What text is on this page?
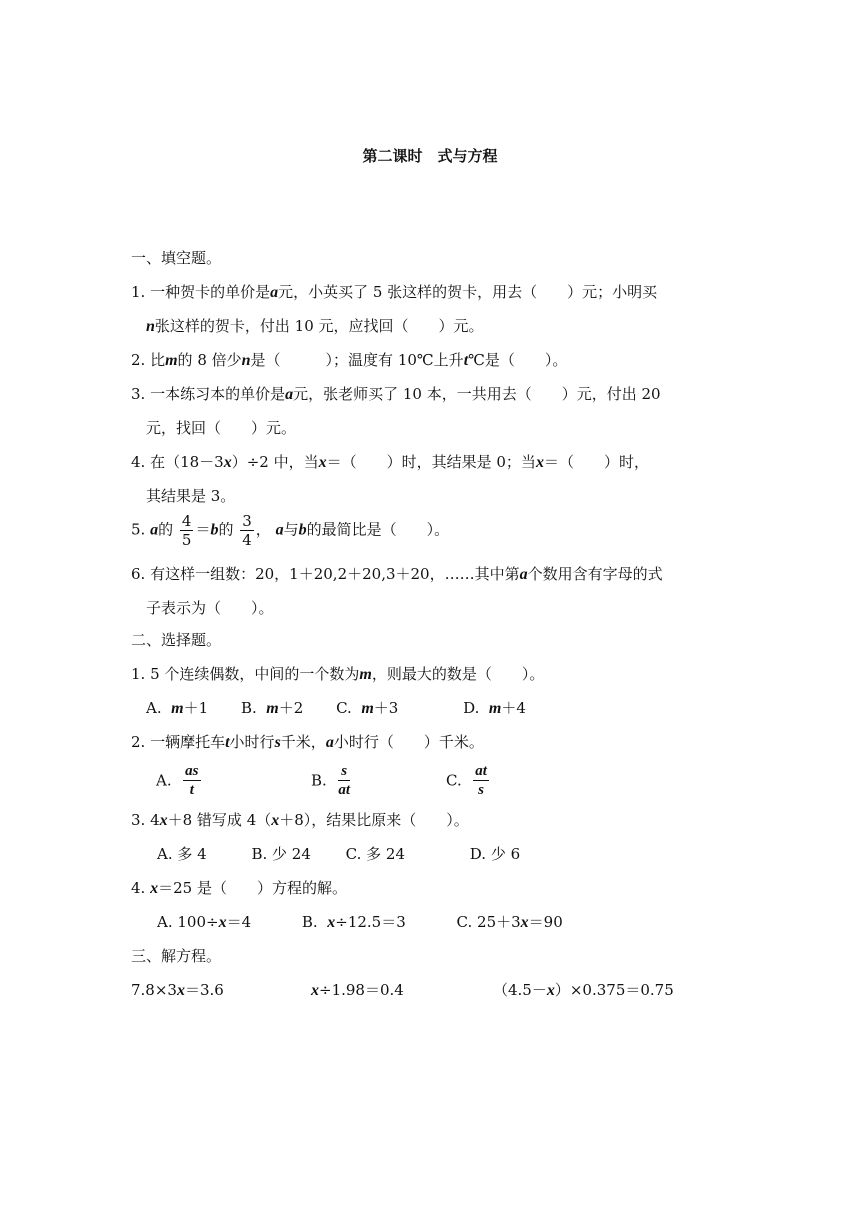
第二课时　式与方程
一、填空题。
1. 一种贺卡的单价是a元，小英买了 5 张这样的贺卡，用去（　　）元；小明买
n张这样的贺卡，付出 10 元，应找回（　　）元。
2. 比m的 8 倍少n是（　　　）；温度有 10℃上升t℃是（　　）。
3. 一本练习本的单价是a元，张老师买了 10 本，一共用去（　　）元，付出 20
元，找回（　　）元。
4. 在（18－3x）÷2 中，当x＝（　　）时，其结果是 0；当x＝（　　）时，
其结果是 3。
5. a的 $\frac{4}{5} =b$的 $\frac{3}{4}$ ， a与b的最简比是（　　）。
6. 有这样一组数：20，1＋20,2＋20,3＋20，……其中第a个数用含有字母的式
子表示为（　　）。
二、选择题。
1. 5 个连续偶数，中间的一个数为m，则最大的数是（　　）。
A. m＋1 B. m＋2 C. m＋3	D. m＋4
2. 一辆摩托车t小时行s千米，a小时行（　　）千米。
A. $\frac{as}{t}$	B. $\frac{s}{at}$	C. $\frac{at}{s}$
3. 4x＋8 错写成 4（x＋8），结果比原来（　　）。
A. 多 4	B. 少 24 C. 多 24	D. 少 6
4. x＝25 是（　　）方程的解。
A. 100÷x＝4	B. x÷12.5＝3	C. 25＋3x＝90
三、解方程。
7.8×3x＝3.6	x÷1.98＝0.4	（4.5－x）×0.375＝0.75
